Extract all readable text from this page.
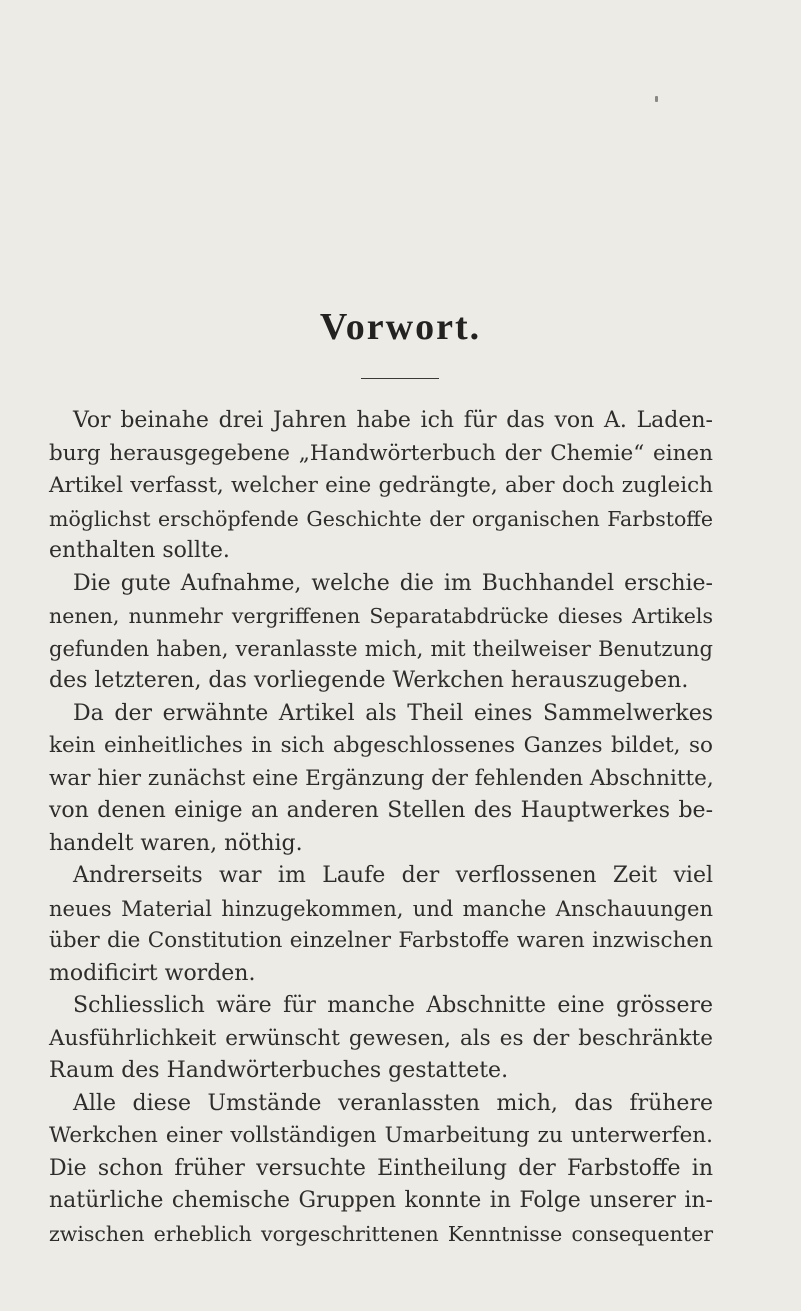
Vorwort.
Vor beinahe drei Jahren habe ich für das von A. Laden-
burg herausgegebene „Handwörterbuch der Chemie“ einen
Artikel verfasst, welcher eine gedrängte, aber doch zugleich
möglichst erschöpfende Geschichte der organischen Farbstoffe
enthalten sollte.
Die gute Aufnahme, welche die im Buchhandel erschie-
nenen, nunmehr vergriffenen Separatabdrücke dieses Artikels
gefunden haben, veranlasste mich, mit theilweiser Benutzung
des letzteren, das vorliegende Werkchen herauszugeben.
Da der erwähnte Artikel als Theil eines Sammelwerkes
kein einheitliches in sich abgeschlossenes Ganzes bildet, so
war hier zunächst eine Ergänzung der fehlenden Abschnitte,
von denen einige an anderen Stellen des Hauptwerkes be-
handelt waren, nöthig.
Andrerseits war im Laufe der verflossenen Zeit viel
neues Material hinzugekommen, und manche Anschauungen
über die Constitution einzelner Farbstoffe waren inzwischen
modificirt worden.
Schliesslich wäre für manche Abschnitte eine grössere
Ausführlichkeit erwünscht gewesen, als es der beschränkte
Raum des Handwörterbuches gestattete.
Alle diese Umstände veranlassten mich, das frühere
Werkchen einer vollständigen Umarbeitung zu unterwerfen.
Die schon früher versuchte Eintheilung der Farbstoffe in
natürliche chemische Gruppen konnte in Folge unserer in-
zwischen erheblich vorgeschrittenen Kenntnisse consequenter
